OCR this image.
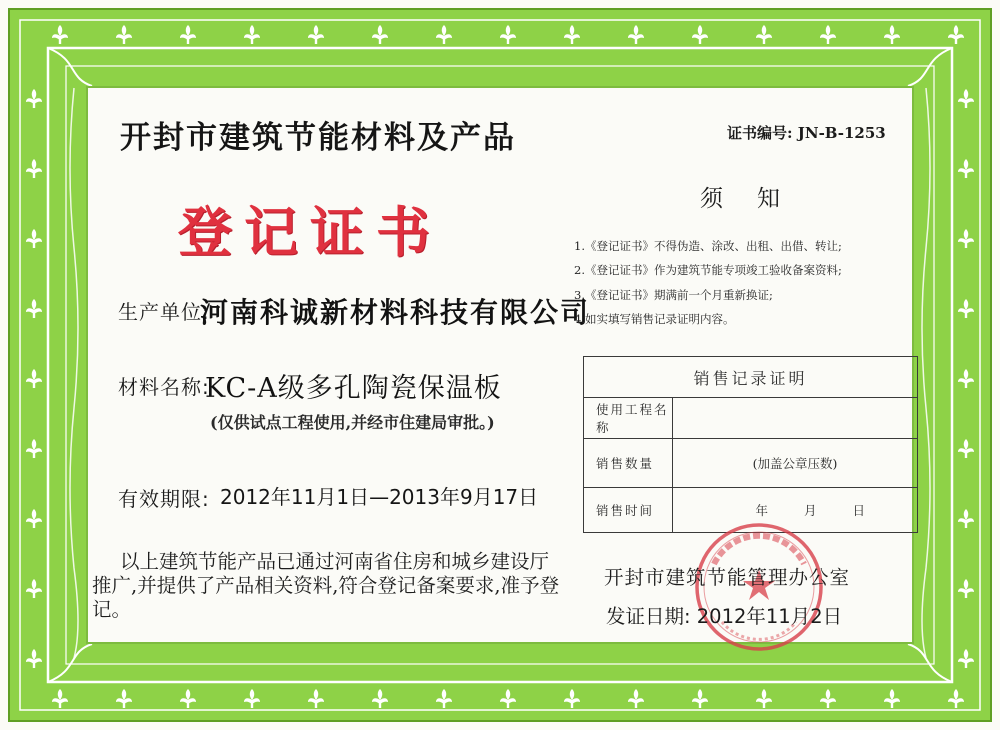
开封市建筑节能材料及产品
登记证书
生产单位:
河南科诚新材料科技有限公司
材料名称:
KC-A级多孔陶瓷保温板
(仅供试点工程使用,并经市住建局审批。)
有效期限: 2012年11月1日—2013年9月17日
以上建筑节能产品已通过河南省住房和城乡建设厅推广,并提供了产品相关资料,符合登记备案要求,准予登记。
证书编号: JN-B-1253
须知
1.《登记证书》不得伪造、涂改、出租、出借、转让;
2.《登记证书》作为建筑节能专项竣工验收备案资料;
3.《登记证书》期满前一个月重新换证;
4.如实填写销售记录证明内容。
销售记录证明	
使用工程名称	
销售数量	(加盖公章压数)
销售时间	年 月 日
开封市建筑节能管理办公室
发证日期: 2012年11月2日
